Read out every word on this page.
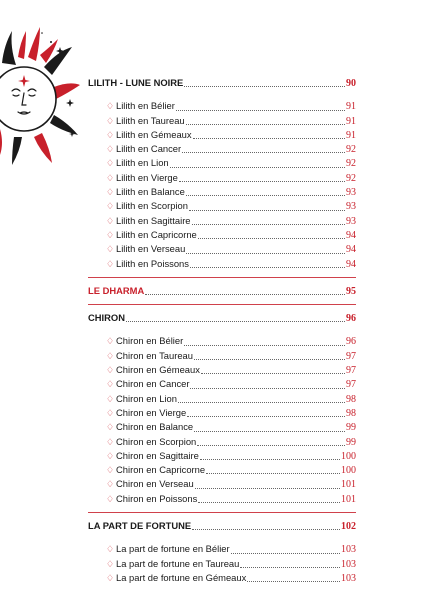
LILITH - LUNE NOIRE	90
♢ Lilith en Bélier	91
♢ Lilith en Taureau	91
♢ Lilith en Gémeaux	91
♢ Lilith en Cancer	92
♢ Lilith en Lion	92
♢ Lilith en Vierge	92
♢ Lilith en Balance	93
♢ Lilith en Scorpion	93
♢ Lilith en Sagittaire	93
♢ Lilith en Capricorne	94
♢ Lilith en Verseau	94
♢ Lilith en Poissons	94
LE DHARMA	95
CHIRON	96
♢ Chiron en Bélier	96
♢ Chiron en Taureau	97
♢ Chiron en Gémeaux	97
♢ Chiron en Cancer	97
♢ Chiron en Lion	98
♢ Chiron en Vierge	98
♢ Chiron en Balance	99
♢ Chiron en Scorpion	99
♢ Chiron en Sagittaire	100
♢ Chiron en Capricorne	100
♢ Chiron en Verseau	101
♢ Chiron en Poissons	101
LA PART DE FORTUNE	102
♢ La part de fortune en Bélier	103
♢ La part de fortune en Taureau	103
♢ La part de fortune en Gémeaux	103
